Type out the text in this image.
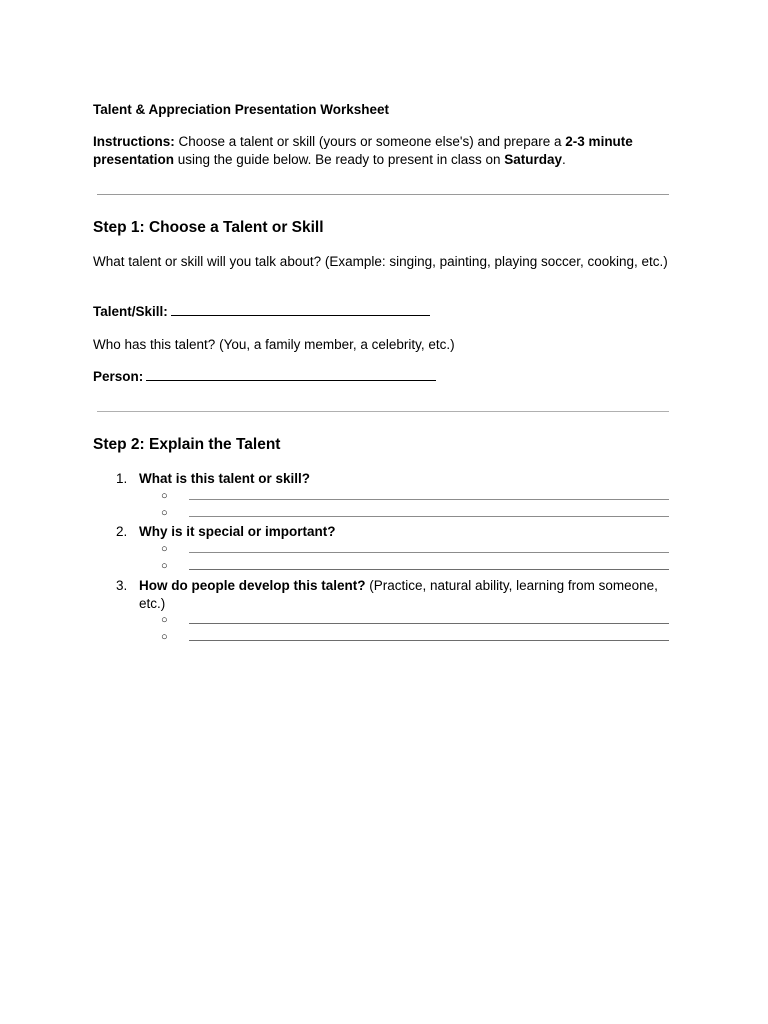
Talent & Appreciation Presentation Worksheet
Instructions: Choose a talent or skill (yours or someone else's) and prepare a 2-3 minute presentation using the guide below. Be ready to present in class on Saturday.
Step 1: Choose a Talent or Skill
What talent or skill will you talk about? (Example: singing, painting, playing soccer, cooking, etc.)
Talent/Skill:
Who has this talent? (You, a family member, a celebrity, etc.)
Person:
Step 2: Explain the Talent
1. What is this talent or skill?
○
○
2. Why is it special or important?
○
○
3. How do people develop this talent? (Practice, natural ability, learning from someone, etc.)
○
○
